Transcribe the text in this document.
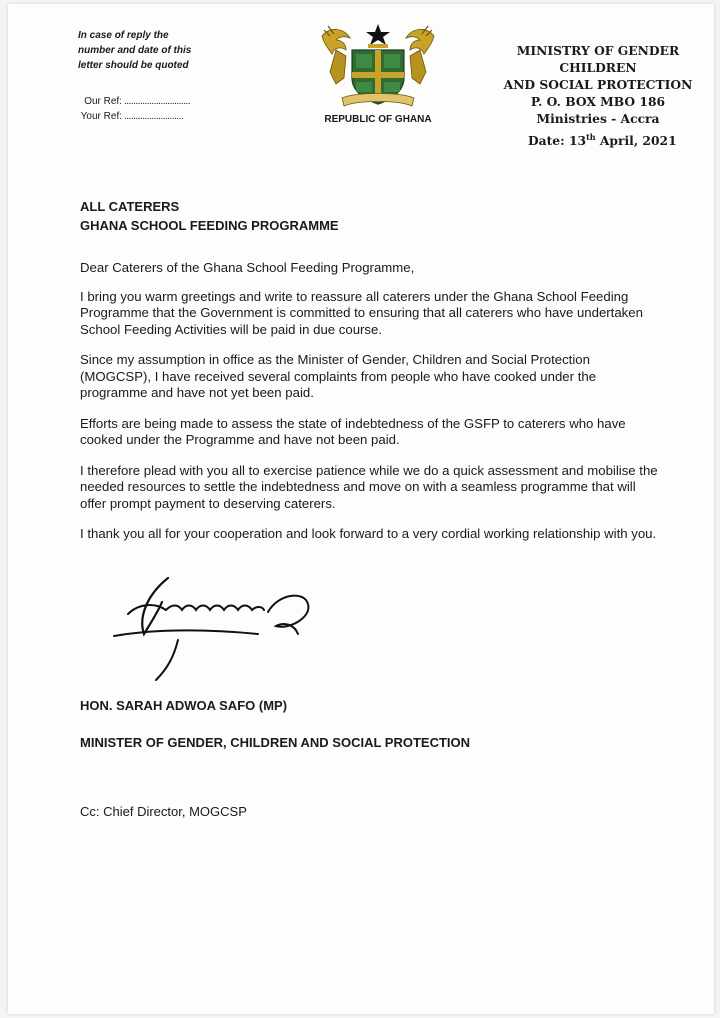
In case of reply the
number and date of this
letter should be quoted
Our Ref: .............................
Your Ref: ..........................	REPUBLIC OF GHANA
MINISTRY OF GENDER CHILDREN
AND SOCIAL PROTECTION
P. O. BOX MBO 186
Ministries - Accra
Date: 13th April, 2021
ALL CATERERS
GHANA SCHOOL FEEDING PROGRAMME

Dear Caterers of the Ghana School Feeding Programme,

I bring you warm greetings and write to reassure all caterers under the Ghana School Feeding Programme that the Government is committed to ensuring that all caterers who have undertaken School Feeding Activities will be paid in due course.

Since my assumption in office as the Minister of Gender, Children and Social Protection (MOGCSP), I have received several complaints from people who have cooked under the programme and have not yet been paid.

Efforts are being made to assess the state of indebtedness of the GSFP to caterers who have cooked under the Programme and have not been paid.

I therefore plead with you all to exercise patience while we do a quick assessment and mobilise the needed resources to settle the indebtedness and move on with a seamless programme that will offer prompt payment to deserving caterers.

I thank you all for your cooperation and look forward to a very cordial working relationship with you.

HON. SARAH ADWOA SAFO (MP)
MINISTER OF GENDER, CHILDREN AND SOCIAL PROTECTION
Cc: Chief Director, MOGCSP
